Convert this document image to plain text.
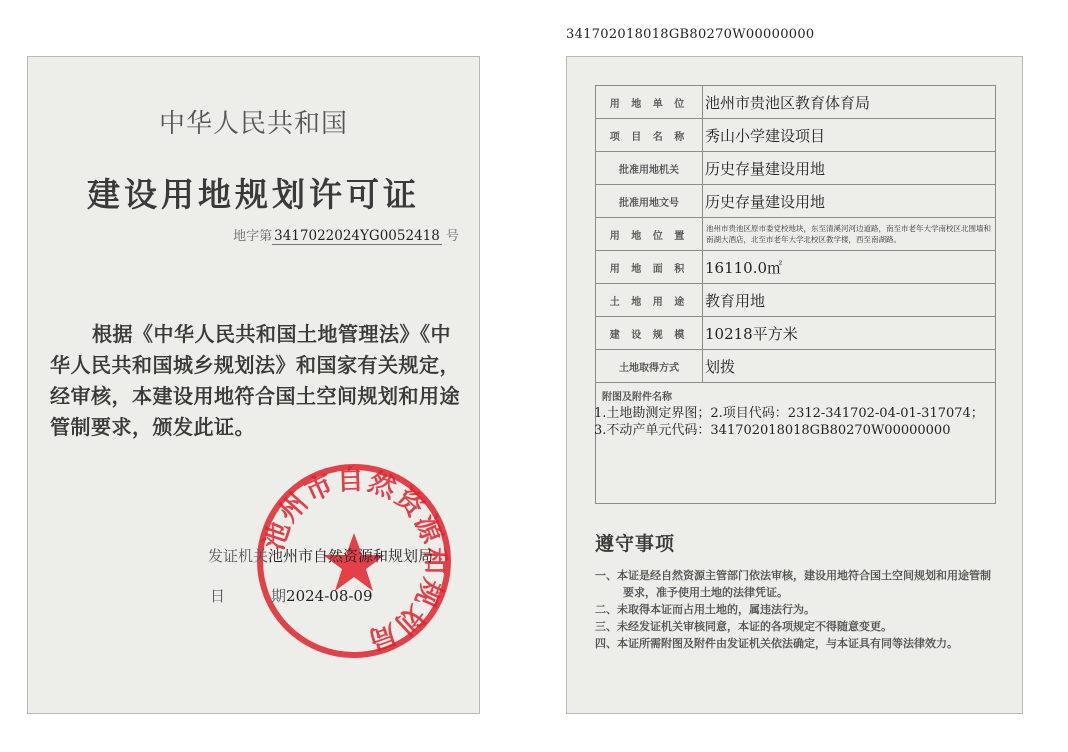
341702018018GB80270W00000000
中华人民共和国
建设用地规划许可证
地字第 3417022024YG0052418 号
根据《中华人民共和国土地管理法》《中华人民共和国城乡规划法》和国家有关规定，经审核，本建设用地符合国土空间规划和用途管制要求，颁发此证。
池州市自然资源和规划局
发证机关池州市自然资源和规划局
日	期2024-08-09
用 地 单 位	池州市贵池区教育体育局
项 目 名 称	秀山小学建设项目
批准用地机关	历史存量建设用地
批准用地文号	历史存量建设用地
用 地 位 置	池州市贵池区原市委党校地块，东至清溪河河边道路，南至市老年大学南校区北围墙和南湖大酒店，北至市老年大学北校区教学楼，西至南湖路。
用 地 面 积	16110.0㎡
土 地 用 途	教育用地
建 设 规 模	10218平方米
土地取得方式	划拨

附图及附件名称
1.土地勘测定界图；2.项目代码：2312-341702-04-01-317074；3.不动产单元代码：341702018018GB80270W00000000	
遵守事项
一、本证是经自然资源主管部门依法审核，建设用地符合国土空间规划和用途管制要求，准予使用土地的法律凭证。
二、未取得本证而占用土地的，属违法行为。
三、未经发证机关审核同意，本证的各项规定不得随意变更。
四、本证所需附图及附件由发证机关依法确定，与本证具有同等法律效力。
